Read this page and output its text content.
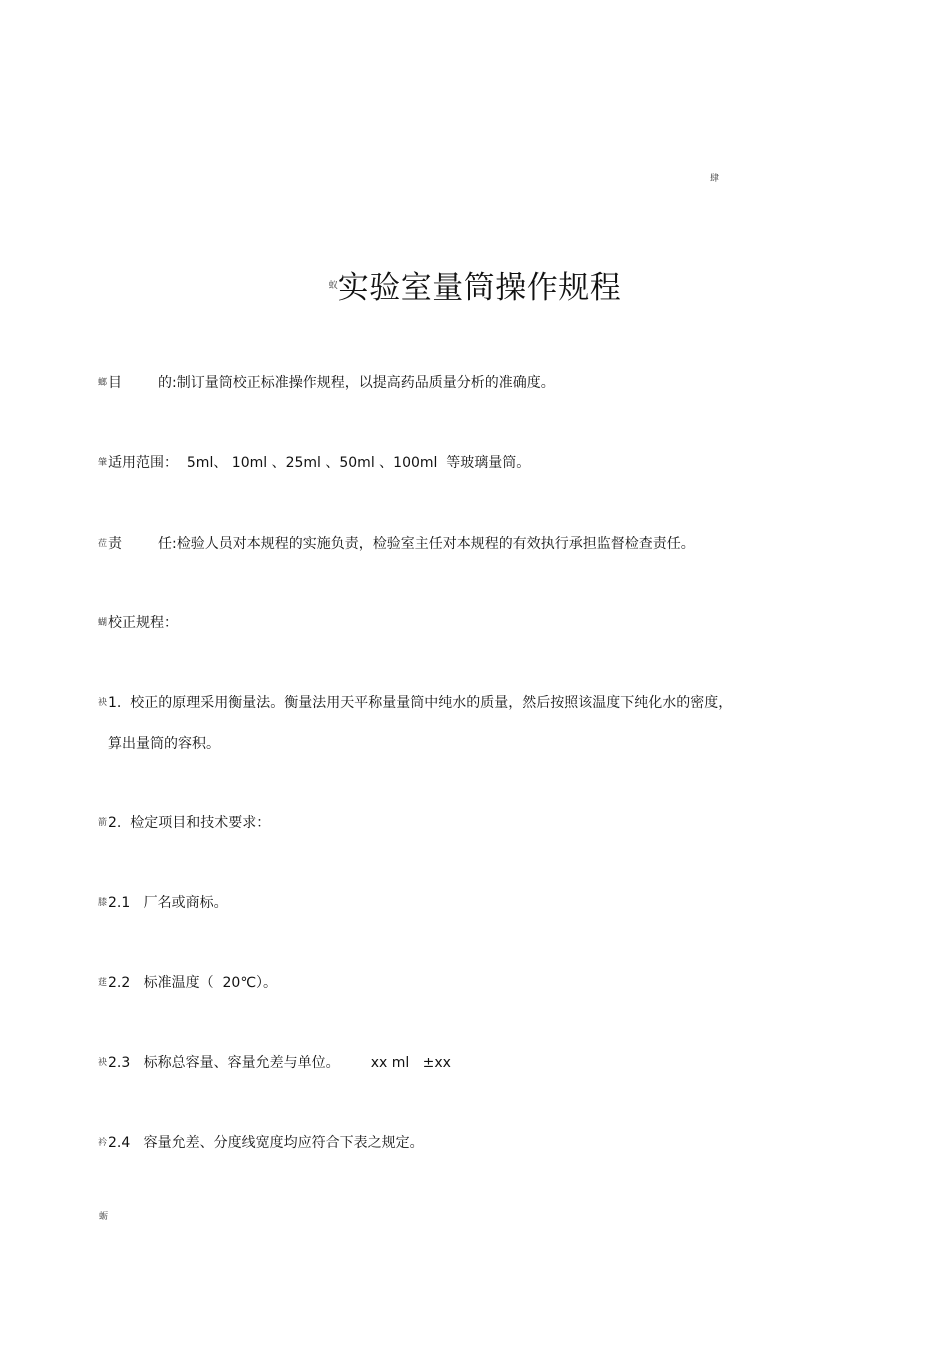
肆
蚁实验室量筒操作规程
螂目	的:制订量筒校正标准操作规程，以提高药品质量分析的准确度。
肇适用范围：  5ml、 10ml 、25ml 、50ml 、100ml  等玻璃量筒。
莅责	任:检验人员对本规程的实施负责，检验室主任对本规程的有效执行承担监督检查责任。
蝴校正规程：
袂1.  校正的原理采用衡量法。衡量法用天平称量量筒中纯水的质量，然后按照该温度下纯化水的密度，
算出量筒的容积。
箭2.  检定项目和技术要求：
膝2.1   厂名或商标。
莛2.2   标准温度（  20℃）。
袂2.3   标称总容量、容量允差与单位。       xx ml   ±xx
衿2.4   容量允差、分度线宽度均应符合下表之规定。
蛎
